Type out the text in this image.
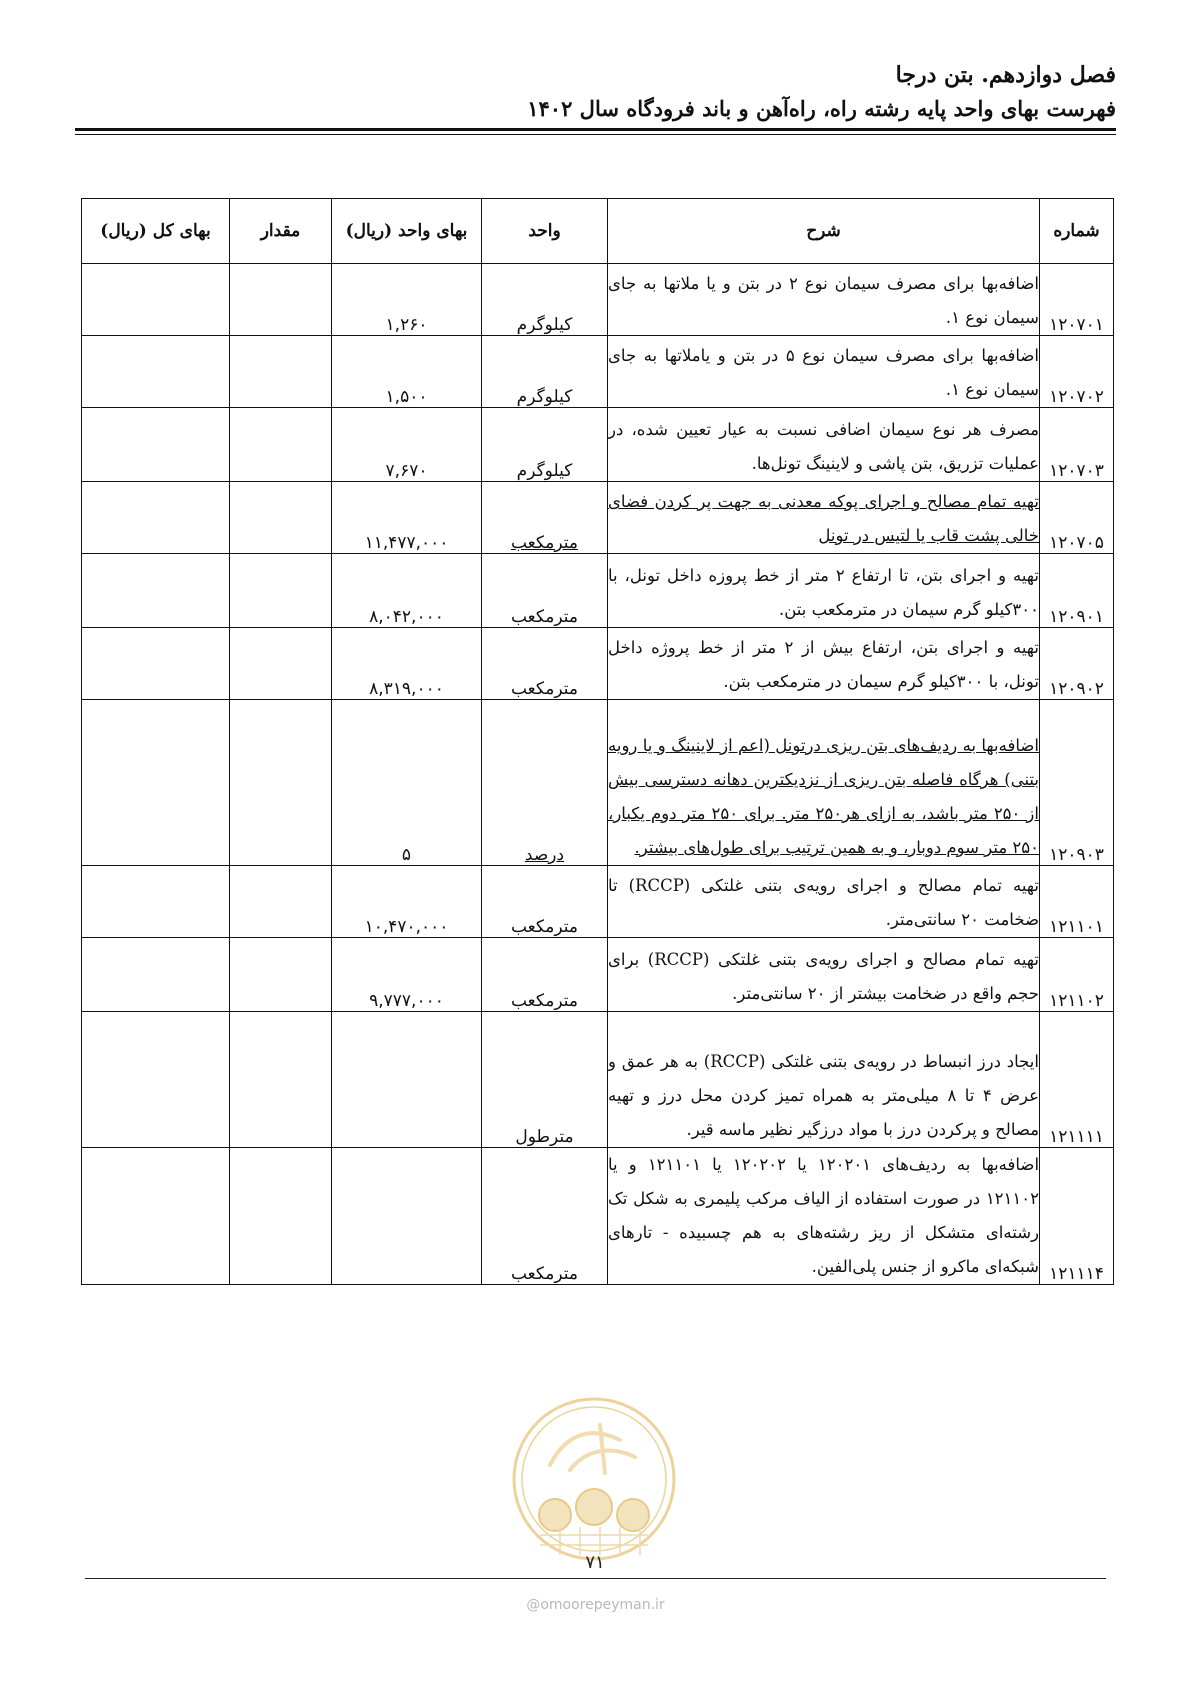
فصل دوازدهم. بتن درجا
فهرست بهای واحد پایه رشته راه، راه‌آهن و باند فرودگاه سال ۱۴۰۲
شماره	شرح	واحد	بهای واحد (ریال)	مقدار	بهای کل (ریال)
۱۲۰۷۰۱	اضافه‌بها برای مصرف سیمان نوع ۲ در بتن و یا ملاتها به جای سیمان نوع ۱.	کیلوگرم	۱,۲۶۰		
۱۲۰۷۰۲	اضافه‌بها برای مصرف سیمان نوع ۵ در بتن و یاملاتها به جای سیمان نوع ۱.	کیلوگرم	۱,۵۰۰		
۱۲۰۷۰۳	مصرف هر نوع سیمان اضافی نسبت به عیار تعیین شده، در عملیات تزریق، بتن پاشی و لاینینگ تونل‌ها.	کیلوگرم	۷,۶۷۰		
۱۲۰۷۰۵	تهیه تمام مصالح و اجرای پوکه معدنی به جهت پر کردن فضای خالی پشت قاب یا لتیس در تونل	مترمکعب	۱۱,۴۷۷,۰۰۰		
۱۲۰۹۰۱	تهیه و اجرای بتن، تا ارتفاع ۲ متر از خط پروزه داخل تونل، با ۳۰۰کیلو گرم سیمان در مترمکعب بتن.	مترمکعب	۸,۰۴۲,۰۰۰		
۱۲۰۹۰۲	تهیه و اجرای بتن، ارتفاع بیش از ۲ متر از خط پروژه داخل تونل، با ۳۰۰کیلو گرم سیمان در مترمکعب بتن.	مترمکعب	۸,۳۱۹,۰۰۰		
۱۲۰۹۰۳	اضافه‌بها به ردیف‌های بتن ریزی درتونل (اعم از لاینینگ و یا رویه بتنی) هرگاه فاصله بتن ریزی از نزدیکترین دهانه دسترسی بیش از ۲۵۰ متر باشد، به ازای هر۲۵۰ متر. برای ۲۵۰ متر دوم یکبار، ۲۵۰ متر سوم دوبار، و به همین ترتیب برای طول‌های بیشتر.	درصد	۵		
۱۲۱۱۰۱	تهیه تمام مصالح و اجرای رویه‌ی بتنی غلتکی (RCCP) تا ضخامت ۲۰ سانتی‌متر.	مترمکعب	۱۰,۴۷۰,۰۰۰		
۱۲۱۱۰۲	تهیه تمام مصالح و اجرای رویه‌ی بتنی غلتکی (RCCP) برای حجم واقع در ضخامت بیشتر از ۲۰ سانتی‌متر.	مترمکعب	۹,۷۷۷,۰۰۰		
۱۲۱۱۱۱	ایجاد درز انبساط در رویه‌ی بتنی غلتکی (RCCP) به هر عمق و عرض ۴ تا ۸ میلی‌متر به همراه تمیز کردن محل درز و تهیه مصالح و پرکردن درز با مواد درزگیر نظیر ماسه قیر.	مترطول			
۱۲۱۱۱۴	اضافه‌بها به ردیف‌های ۱۲۰۲۰۱ یا ۱۲۰۲۰۲ یا ۱۲۱۱۰۱ و یا ۱۲۱۱۰۲ در صورت استفاده از الیاف مرکب پلیمری به شکل تک رشته‌ای متشکل از ریز رشته‌های به هم چسبیده - تارهای شبکه‌ای ماکرو از جنس پلی‌الفین.	مترمکعب			
۷۱
@omoorepeyman.ir
